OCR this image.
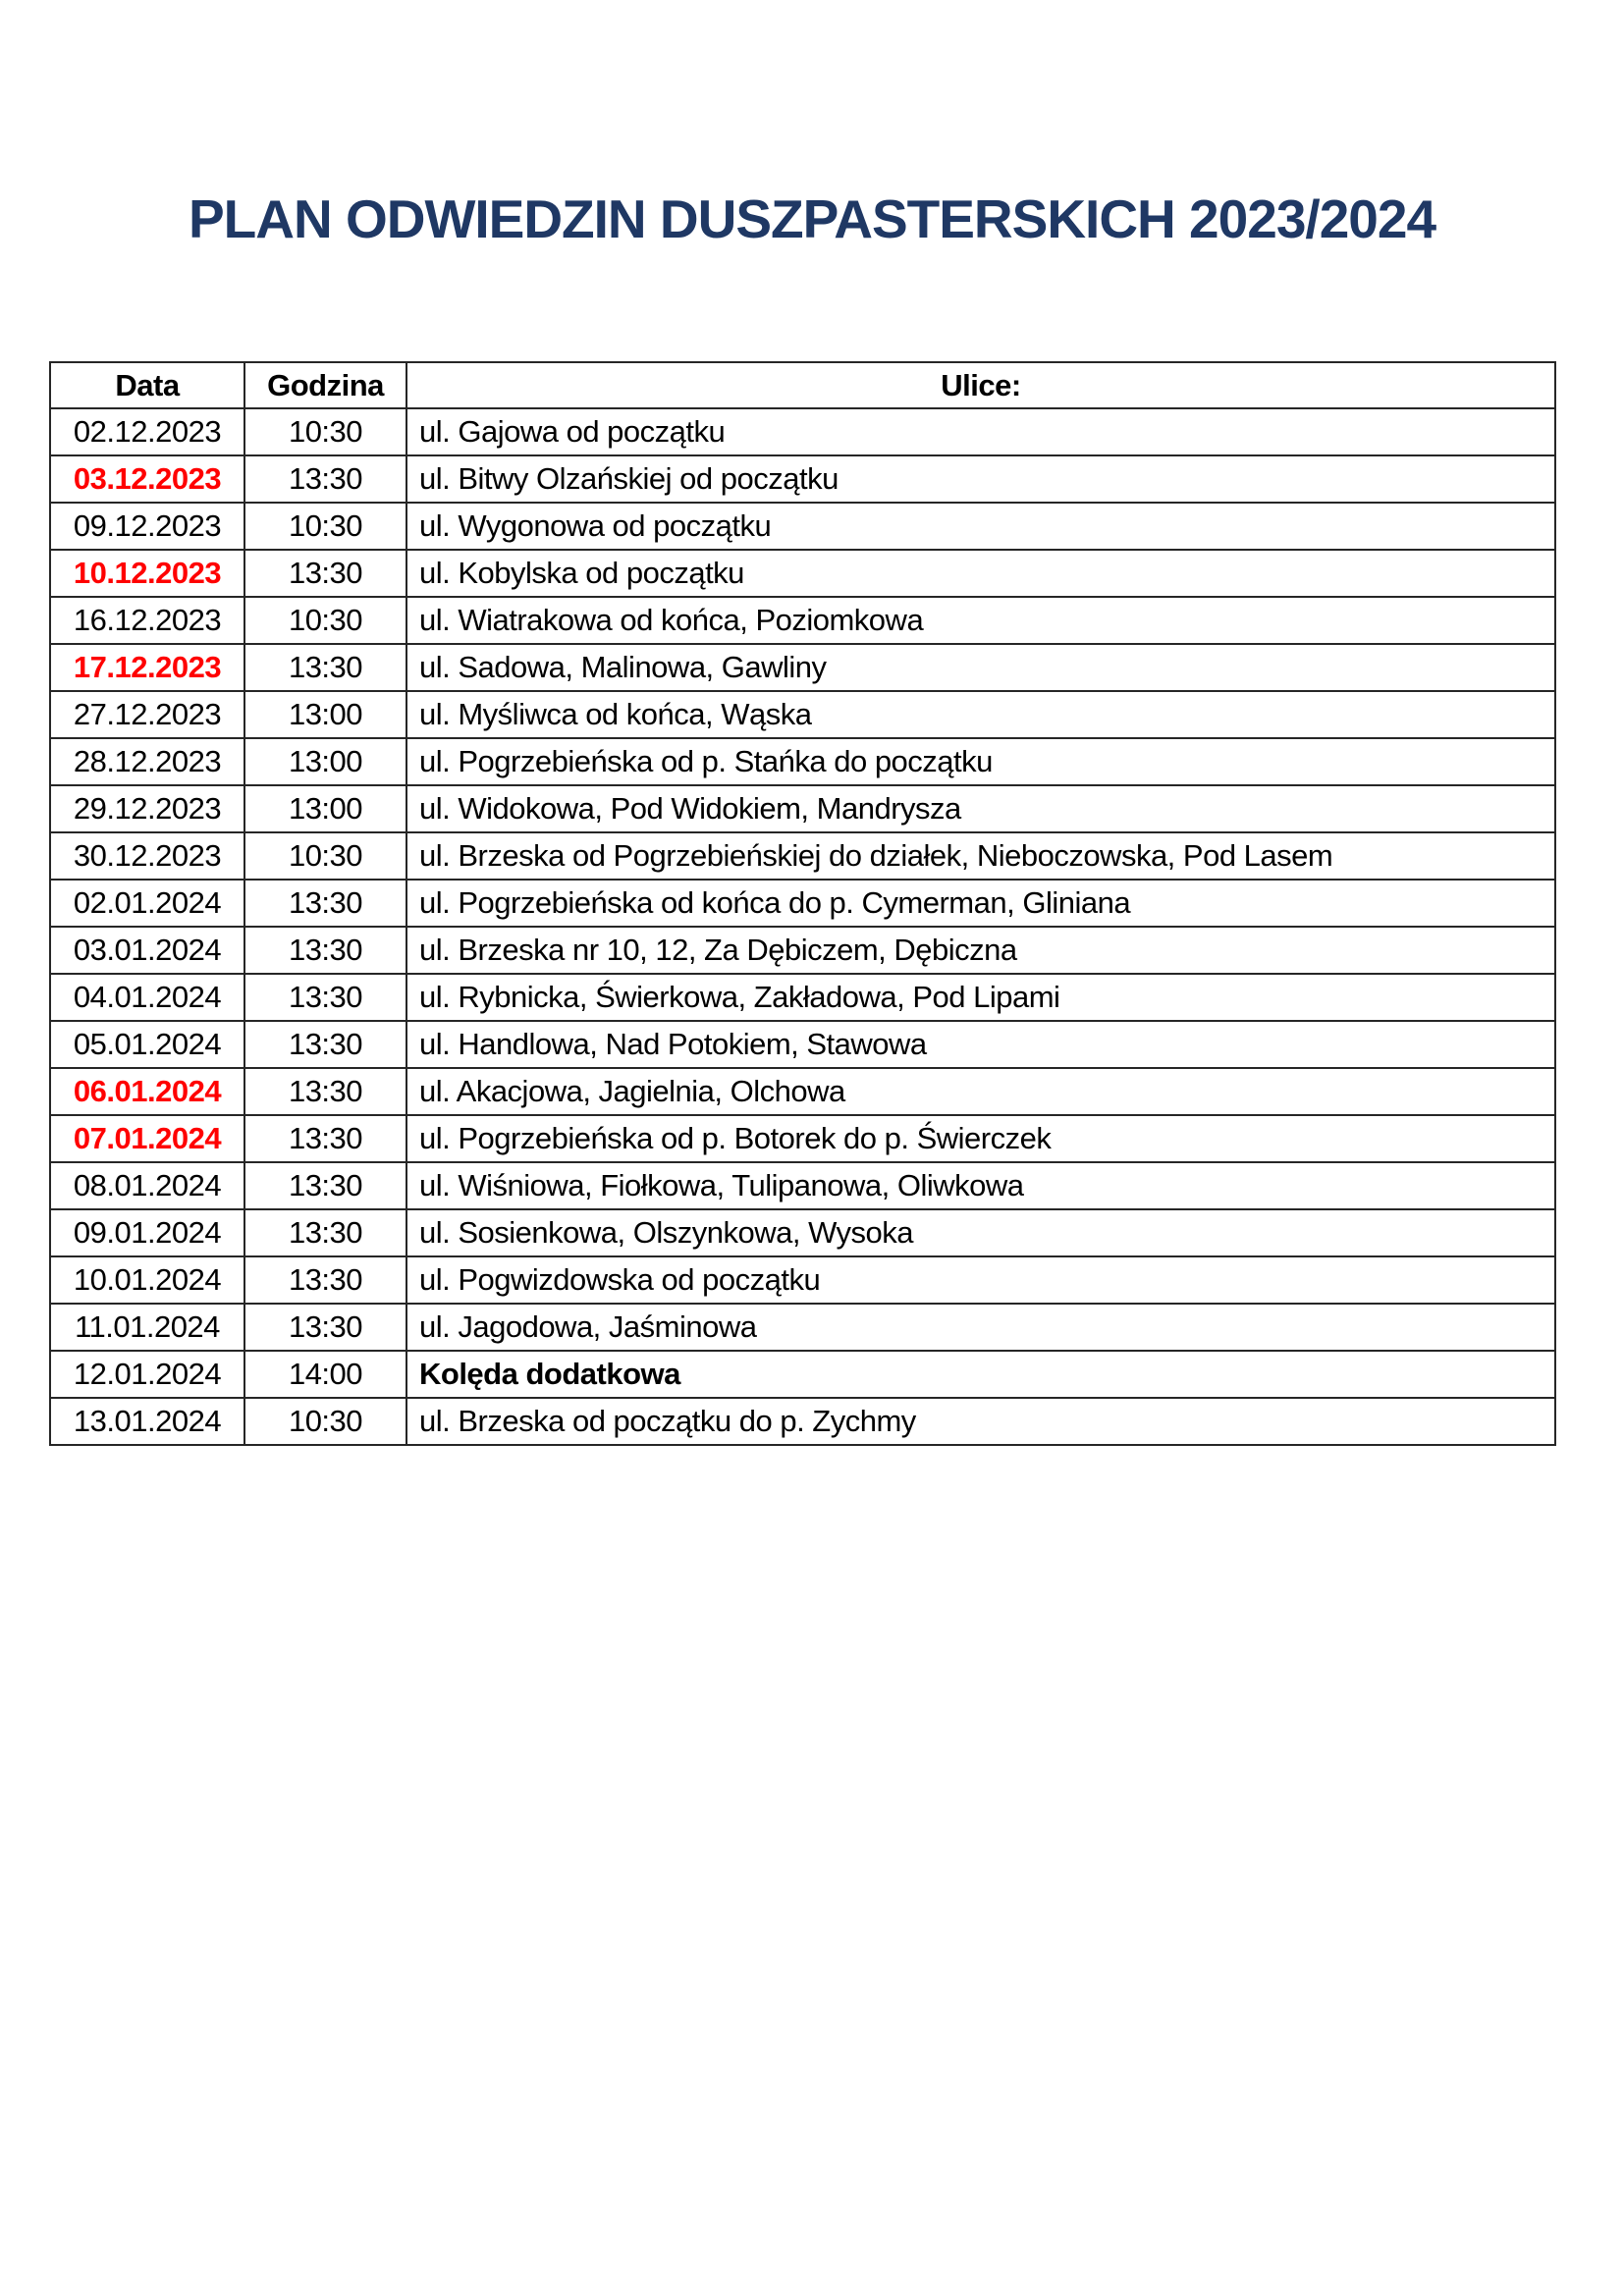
PLAN ODWIEDZIN DUSZPASTERSKICH 2023/2024
Data	Godzina	Ulice:
02.12.2023	10:30	ul. Gajowa od początku
03.12.2023	13:30	ul. Bitwy Olzańskiej od początku
09.12.2023	10:30	ul. Wygonowa od początku
10.12.2023	13:30	ul. Kobylska od początku
16.12.2023	10:30	ul. Wiatrakowa od końca, Poziomkowa
17.12.2023	13:30	ul. Sadowa, Malinowa, Gawliny
27.12.2023	13:00	ul. Myśliwca od końca, Wąska
28.12.2023	13:00	ul. Pogrzebieńska od p. Stańka do początku
29.12.2023	13:00	ul. Widokowa, Pod Widokiem, Mandrysza
30.12.2023	10:30	ul. Brzeska od Pogrzebieńskiej do działek, Nieboczowska, Pod Lasem
02.01.2024	13:30	ul. Pogrzebieńska od końca do p. Cymerman, Gliniana
03.01.2024	13:30	ul. Brzeska nr 10, 12, Za Dębiczem, Dębiczna
04.01.2024	13:30	ul. Rybnicka, Świerkowa, Zakładowa, Pod Lipami
05.01.2024	13:30	ul. Handlowa, Nad Potokiem, Stawowa
06.01.2024	13:30	ul. Akacjowa, Jagielnia, Olchowa
07.01.2024	13:30	ul. Pogrzebieńska od p. Botorek do p. Świerczek
08.01.2024	13:30	ul. Wiśniowa, Fiołkowa, Tulipanowa, Oliwkowa
09.01.2024	13:30	ul. Sosienkowa, Olszynkowa, Wysoka
10.01.2024	13:30	ul. Pogwizdowska od początku
11.01.2024	13:30	ul. Jagodowa, Jaśminowa
12.01.2024	14:00	Kolęda dodatkowa
13.01.2024	10:30	ul. Brzeska od początku do p. Zychmy
